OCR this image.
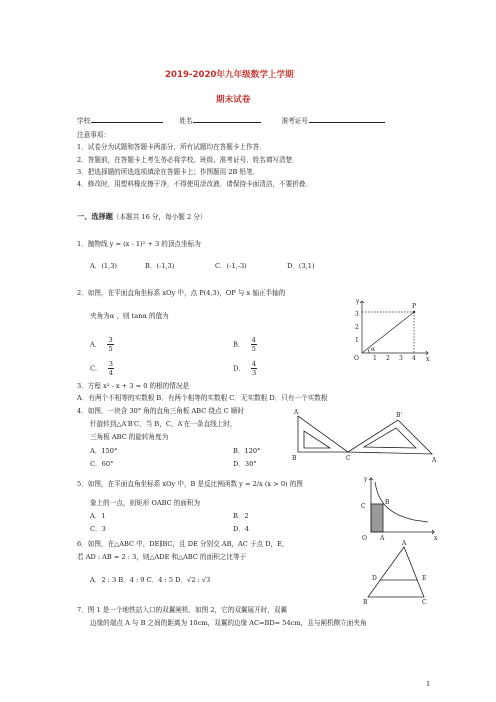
2019-2020年九年级数学上学期
期末试卷
学校	姓名	准考证号
注意事项：
1．试卷分为试题和答题卡两部分，所有试题均在答题卡上作答．
2．答题前，在答题卡上考生务必将学校、班级、准考证号、姓名填写清楚．
3．把选择题的所选选项填涂在答题卡上；作图题用 2B 铅笔．
4．修改时，用塑料橡皮擦干净，不得使用涂改液．请保持卡面清洁，不要折叠．
一、选择题（本题共 16 分，每小题 2 分）
1．抛物线 y = (x - 1)² + 3 的顶点坐标为
A．(1,3)	B．(-1,3)	C．(-1,-3)	D．(3,1)
2．如图，在平面直角坐标系 xOy 中，点 P(4,3)，OP 与 x 轴正半轴的
夹角为α ，则 tanα 的值为
A． $\frac{3}{5}$	B． $\frac{4}{5}$
C． $\frac{3}{4}$	D． $\frac{4}{3}$
y
x
O
P
α
1 2 3 4
1
2
3
3．方程 x² - x + 3 = 0 的根的情况是
A．有两个不相等的实数根 B．有两个相等的实数根 C．无实数根 D．只有一个实数根
4．如图，一块含 30° 角的直角三角板 ABC 绕点 C 顺时
针旋转到△A′B′C，当 B，C，A′在一条直线上时，
三角板 ABC 的旋转角度为
A．150°	B．120°
C．60°	D．30°
A
B	C	A
B'
5．如图，在平面直角坐标系 xOy 中，B 是反比例函数 y = 2/x (x > 0) 的图
象上的一点，则矩形 OABC 的面积为
A．1	B．2
C．3	D．4
y
x
O A
B
C
6．如图，在△ABC 中，DE∥BC，且 DE 分别交 AB，AC 于点 D，E，
若 AD : AB = 2 : 3，则△ADE 和△ABC 的面积之比等于
A．2 : 3 B．4 : 9 C．4 : 5 D．√2 : √3
A
B	C
D	E
7．图 1 是一个地铁站入口的双翼闸机．如图 2，它的双翼展开时，双翼
边缘的端点 A 与 B 之间的距离为 10cm，双翼的边缘 AC=BD= 54cm，且与闸机侧立面夹角
1
